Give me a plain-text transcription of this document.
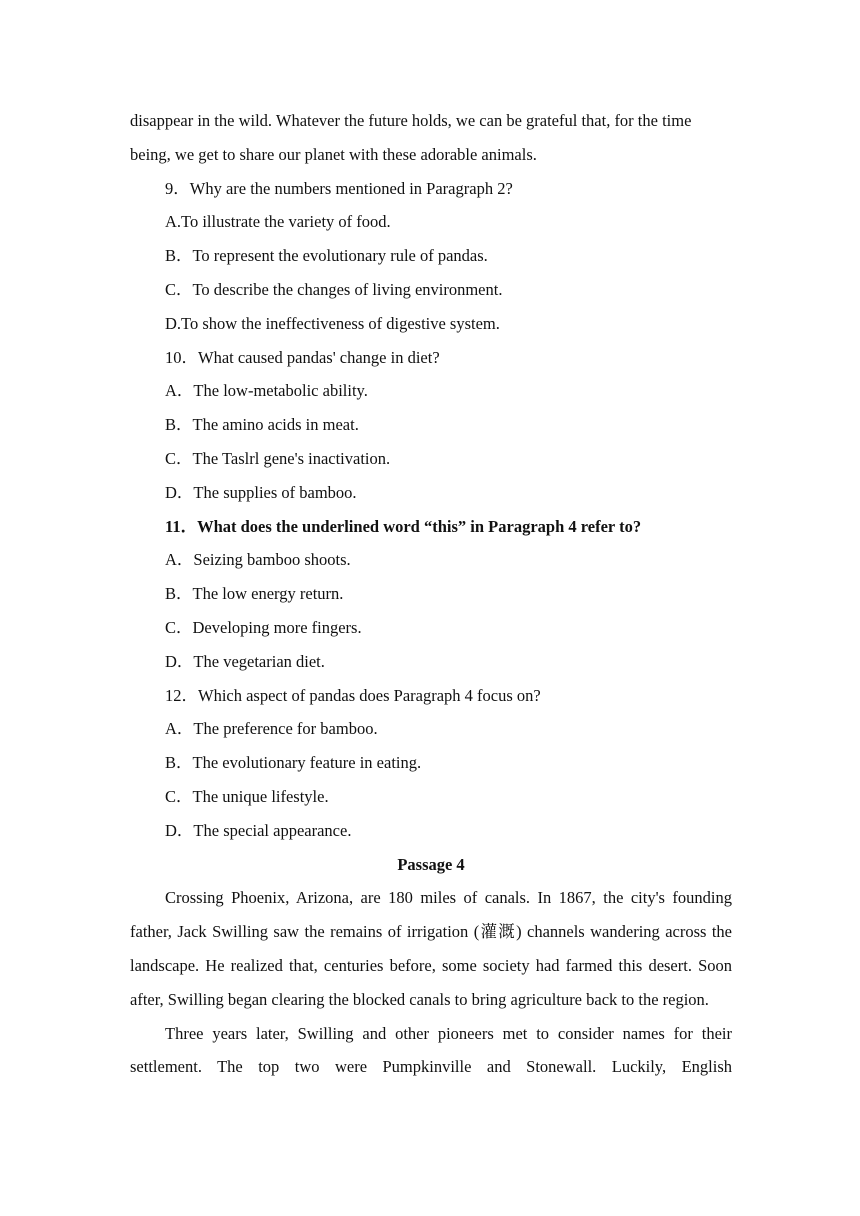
disappear in the wild. Whatever the future holds, we can be grateful that, for the time
being, we get to share our planet with these adorable animals.
9．Why are the numbers mentioned in Paragraph 2?
A.To illustrate the variety of food.
B．To represent the evolutionary rule of pandas.
C．To describe the changes of living environment.
D.To show the ineffectiveness of digestive system.
10．What caused pandas' change in diet?
A．The low-metabolic ability.
B．The amino acids in meat.
C．The Taslrl gene's inactivation.
D．The supplies of bamboo.
11．What does the underlined word “this” in Paragraph 4 refer to?
A．Seizing bamboo shoots.
B．The low energy return.
C．Developing more fingers.
D．The vegetarian diet.
12．Which aspect of pandas does Paragraph 4 focus on?
A．The preference for bamboo.
B．The evolutionary feature in eating.
C．The unique lifestyle.
D．The special appearance.
Passage 4

Crossing Phoenix, Arizona, are 180 miles of canals. In 1867, the city's founding father, Jack Swilling saw the remains of irrigation (灌溉) channels wandering across the landscape. He realized that, centuries before, some society had farmed this desert. Soon after, Swilling began clearing the blocked canals to bring agriculture back to the region.

Three years later, Swilling and other pioneers met to consider names for their settlement. The top two were Pumpkinville and Stonewall. Luckily, English
